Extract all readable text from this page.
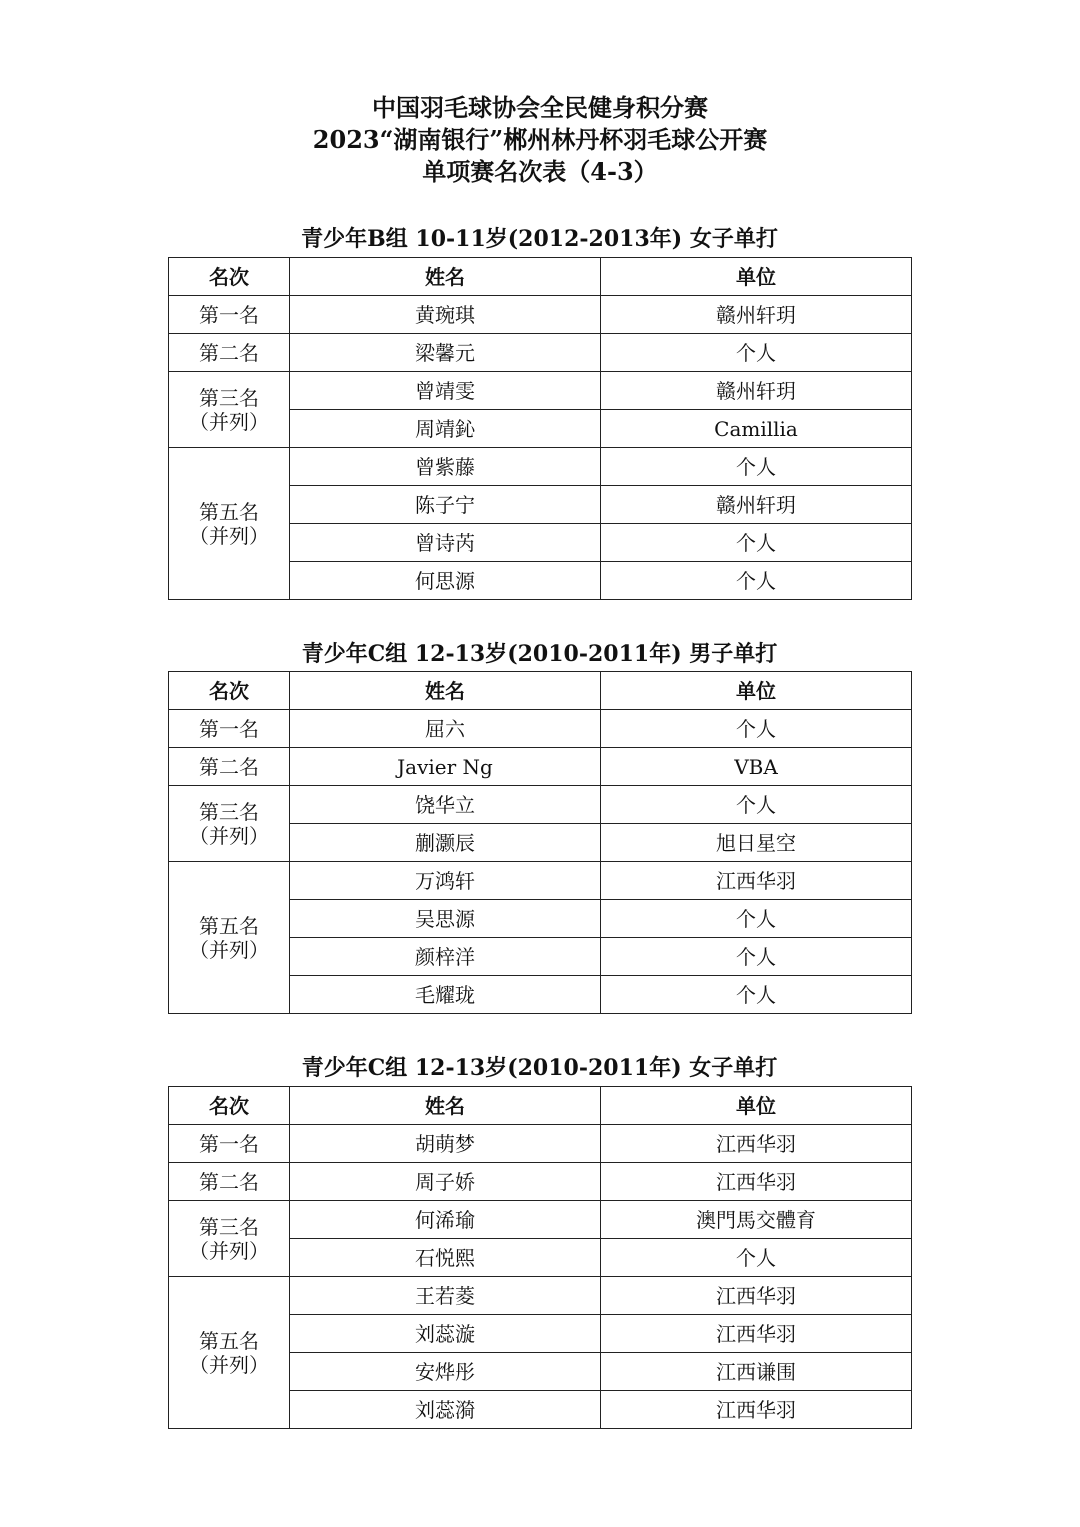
中国羽毛球协会全民健身积分赛
2023“湖南银行”郴州林丹杯羽毛球公开赛
单项赛名次表（4-3）
青少年B组 10-11岁(2012-2013年) 女子单打
名次	姓名	单位
第一名	黄琬琪	赣州轩玥
第二名	梁馨元	个人

第三名
（并列）	曾靖雯	赣州轩玥
	周靖鈊	Camillia

第五名
（并列）	曾紫藤	个人
	陈子宁	赣州轩玥
	曾诗芮	个人
	何思源	个人
青少年C组 12-13岁(2010-2011年) 男子单打
名次	姓名	单位
第一名	屈六	个人
第二名	Javier Ng	VBA

第三名
（并列）	饶华立	个人
	蒯灏辰	旭日星空

第五名
（并列）	万鸿轩	江西华羽
	吴思源	个人
	颜梓洋	个人
	毛耀珑	个人
青少年C组 12-13岁(2010-2011年) 女子单打
名次	姓名	单位
第一名	胡萌梦	江西华羽
第二名	周子娇	江西华羽

第三名
（并列）	何浠瑜	澳門馬交體育
	石悦熙	个人

第五名
（并列）	王若菱	江西华羽
	刘蕊漩	江西华羽
	安烨彤	江西谦围
	刘蕊漪	江西华羽
